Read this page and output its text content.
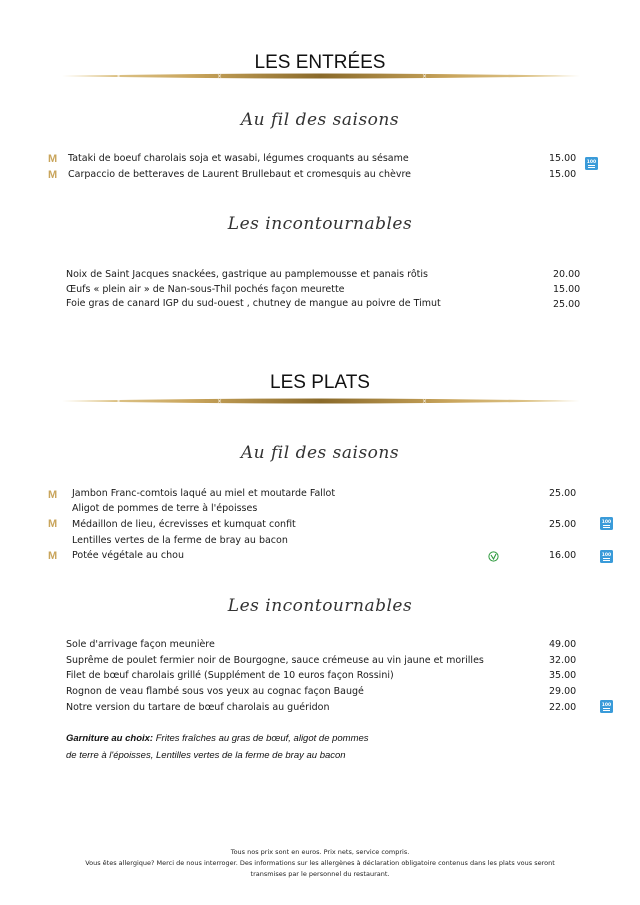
LES ENTRÉES
×	×	×
Au fil des saisons
M Tataki de boeuf charolais soja et wasabi, légumes croquants au sésame	15.00 100
M Carpaccio de betteraves de Laurent Brullebaut et cromesquis au chèvre	15.00
Les incontournables
Noix de Saint Jacques snackées, gastrique au pamplemousse et panais rôtis	20.00
Œufs « plein air » de Nan-sous-Thil pochés façon meurette	15.00
Foie gras de canard IGP du sud-ouest , chutney de mangue au poivre de Timut	25.00
LES PLATS
×	×	×
Au fil des saisons
M Jambon Franc-comtois laqué au miel et moutarde Fallot	25.00
Aligot de pommes de terre à l'époisses
M Médaillon de lieu, écrevisses et kumquat confit	25.00	100
Lentilles vertes de la ferme de bray au bacon
M Potée végétale au chou	16.00	100
Les incontournables
Sole d'arrivage façon meunière	49.00
Suprême de poulet fermier noir de Bourgogne, sauce crémeuse au vin jaune et morilles	32.00
Filet de bœuf charolais grillé (Supplément de 10 euros façon Rossini)	35.00
Rognon de veau flambé sous vos yeux au cognac façon Baugé	29.00
Notre version du tartare de bœuf charolais au guéridon	22.00	100
Garniture au choix: Frites fraîches au gras de bœuf, aligot de pommes
de terre à l'époisses, Lentilles vertes de la ferme de bray au bacon
Tous nos prix sont en euros. Prix nets, service compris.
Vous êtes allergique? Merci de nous interroger. Des informations sur les allergènes à déclaration obligatoire contenus dans les plats vous seront
transmises par le personnel du restaurant.
